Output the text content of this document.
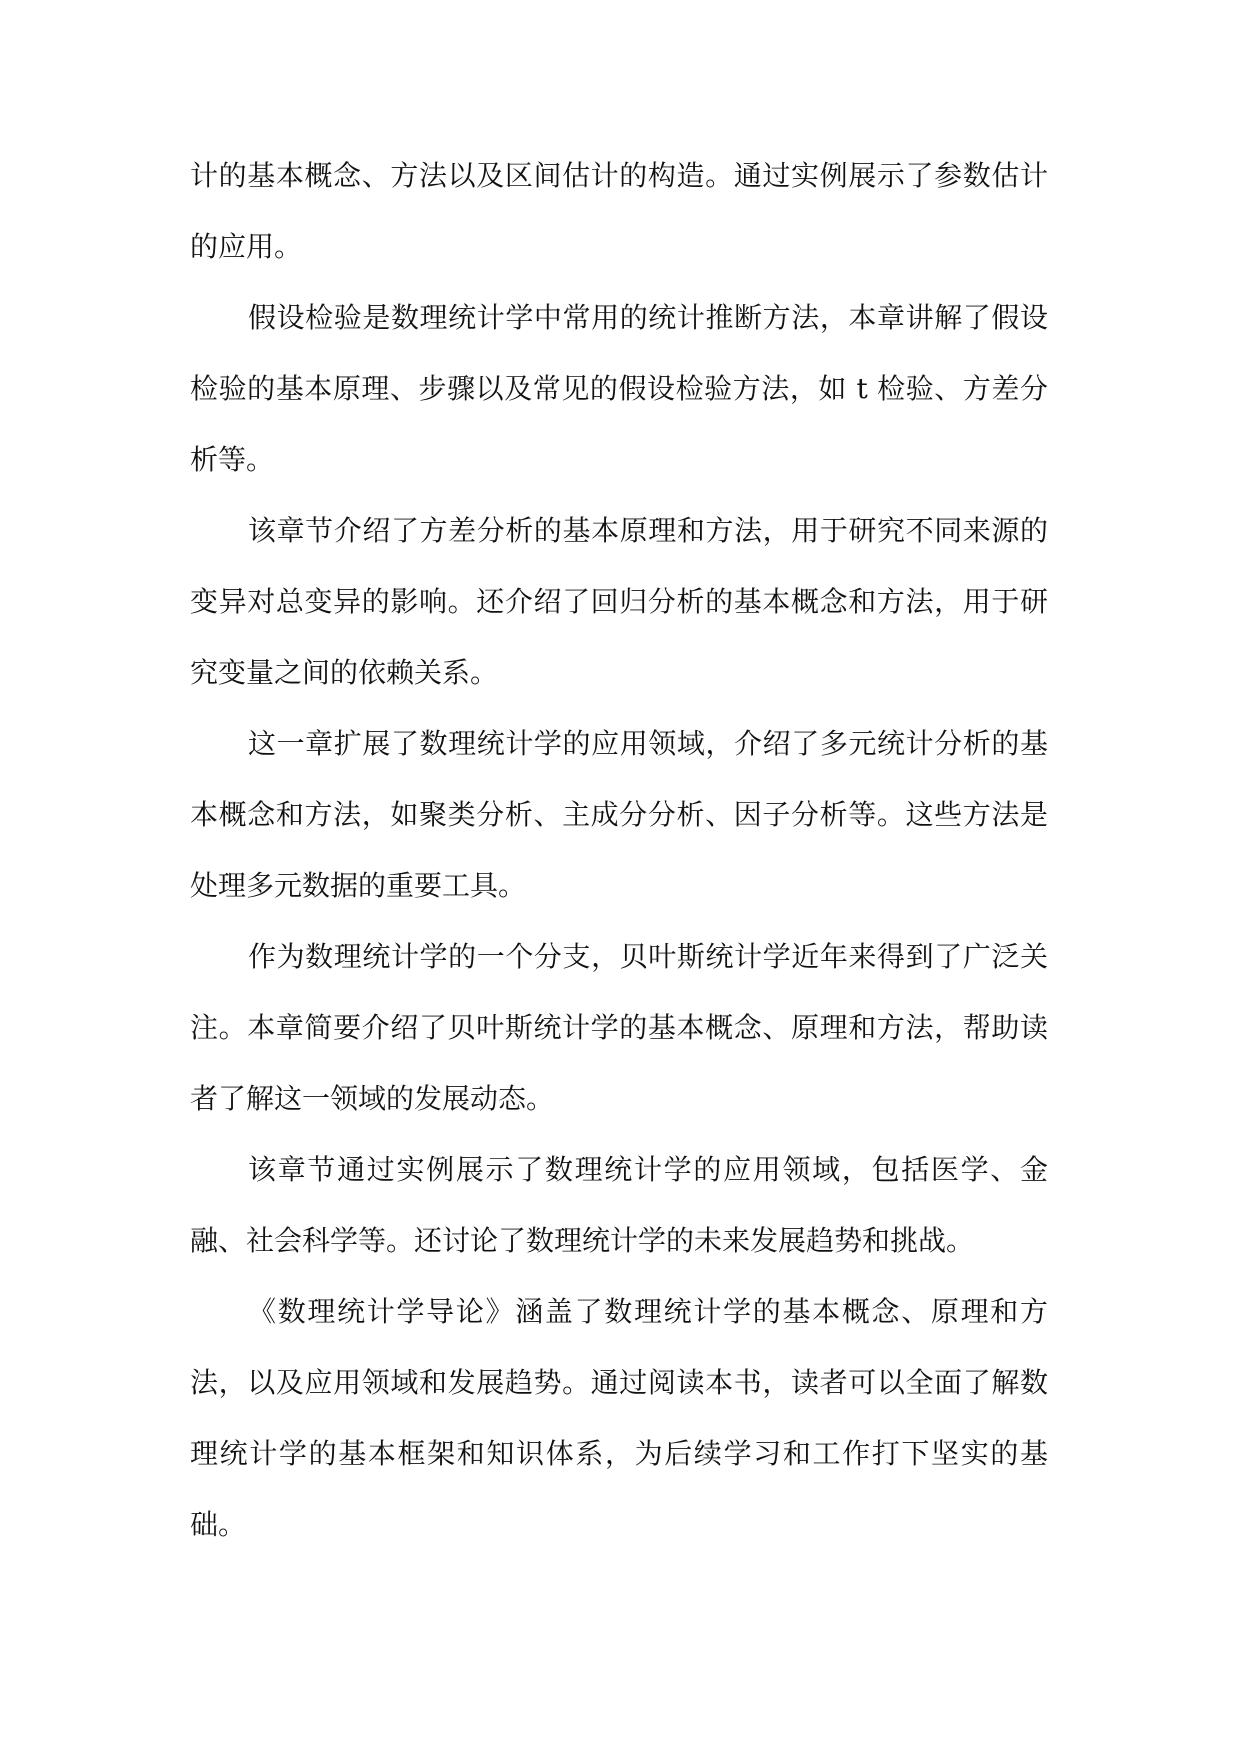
计的基本概念、方法以及区间估计的构造。通过实例展示了参数估计的应用。

假设检验是数理统计学中常用的统计推断方法，本章讲解了假设检验的基本原理、步骤以及常见的假设检验方法，如 t 检验、方差分析等。

该章节介绍了方差分析的基本原理和方法，用于研究不同来源的变异对总变异的影响。还介绍了回归分析的基本概念和方法，用于研究变量之间的依赖关系。

这一章扩展了数理统计学的应用领域，介绍了多元统计分析的基本概念和方法，如聚类分析、主成分分析、因子分析等。这些方法是处理多元数据的重要工具。

作为数理统计学的一个分支，贝叶斯统计学近年来得到了广泛关注。本章简要介绍了贝叶斯统计学的基本概念、原理和方法，帮助读者了解这一领域的发展动态。

该章节通过实例展示了数理统计学的应用领域，包括医学、金融、社会科学等。还讨论了数理统计学的未来发展趋势和挑战。

《数理统计学导论》涵盖了数理统计学的基本概念、原理和方法，以及应用领域和发展趋势。通过阅读本书，读者可以全面了解数理统计学的基本框架和知识体系，为后续学习和工作打下坚实的基础。
